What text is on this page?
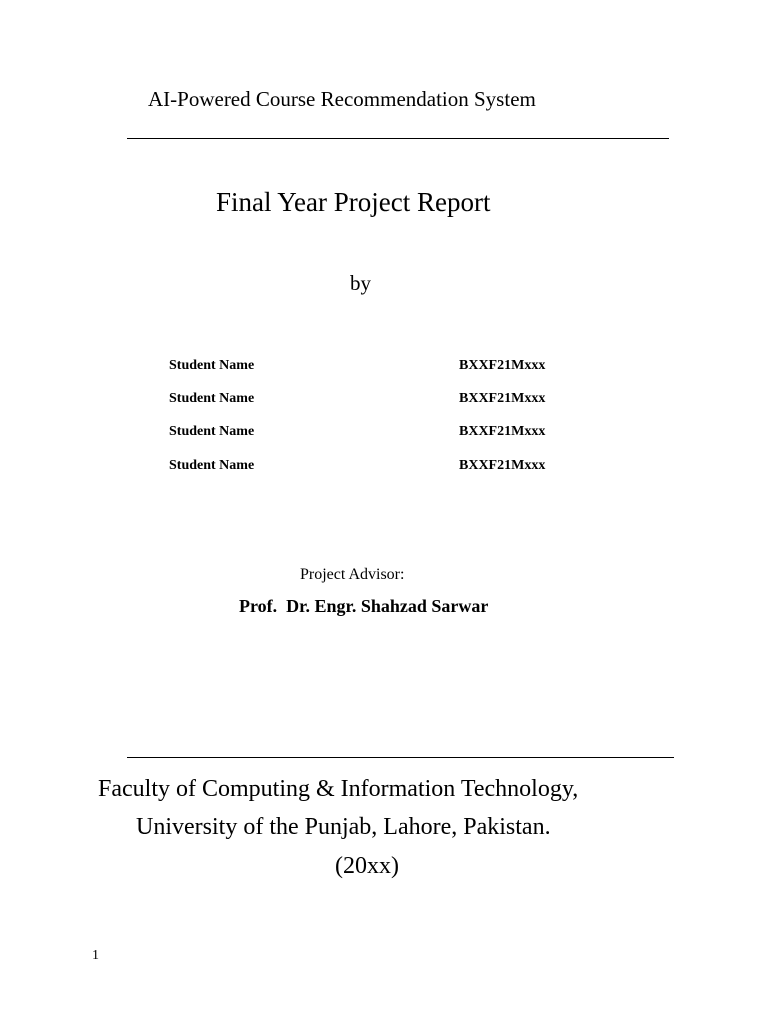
AI-Powered Course Recommendation System
Final Year Project Report
by
Student Name	BXXF21Mxxx
Student Name	BXXF21Mxxx
Student Name	BXXF21Mxxx
Student Name	BXXF21Mxxx
Project Advisor:
Prof.  Dr. Engr. Shahzad Sarwar
Faculty of Computing & Information Technology,
University of the Punjab, Lahore, Pakistan.
(20xx)
1
